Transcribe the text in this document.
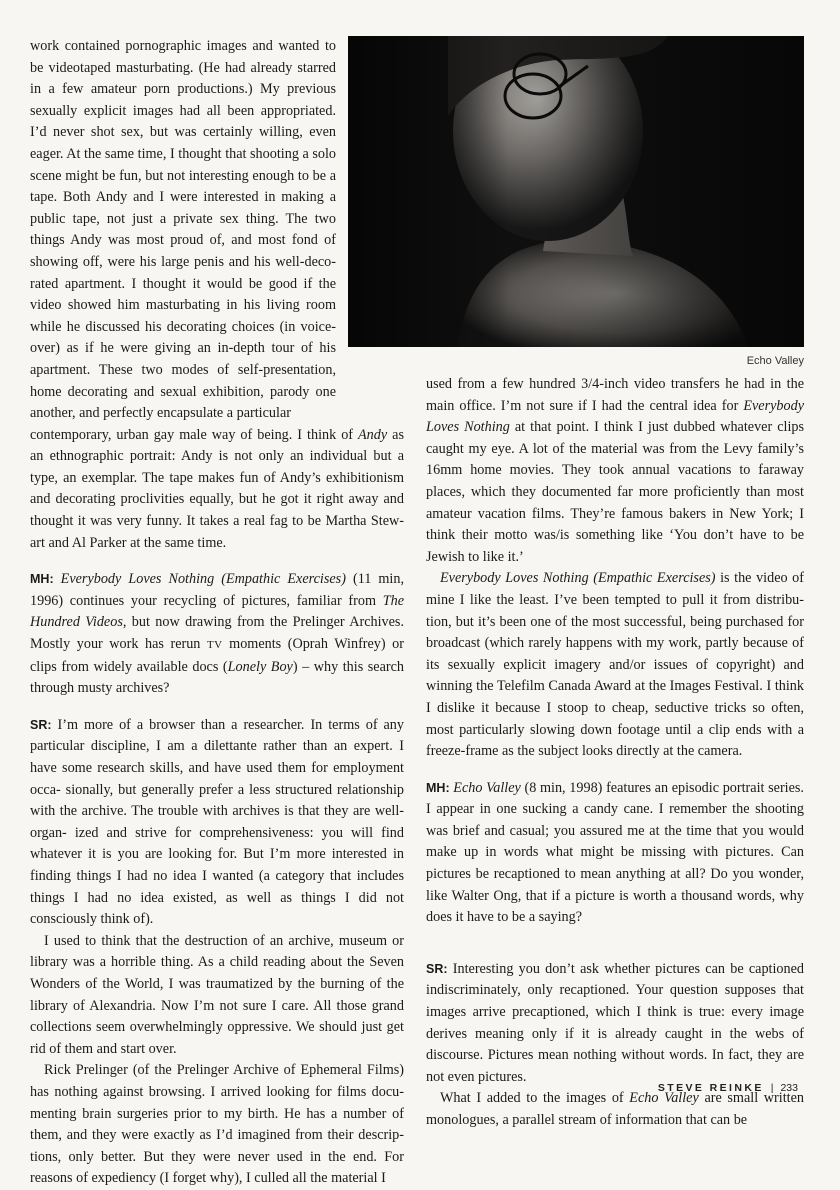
Echo Valley

work contained pornographic images and wanted to be videotaped masturbating. (He had already starred in a few amateur porn productions.) My previous sexually explicit images had all been appropriated. I’d never shot sex, but was certainly willing, even eager. At the same time, I thought that shooting a solo scene might be fun, but not interesting enough to be a tape. Both Andy and I were interested in making a public tape, not just a private sex thing. The two things Andy was most proud of, and most fond of showing off, were his large penis and his well-deco- rated apartment. I thought it would be good if the video showed him masturbating in his living room while he discussed his decorating choices (in voice- over) as if he were giving an in-depth tour of his apartment. These two modes of self-presentation, home decorating and sexual exhibition, parody one another, and perfectly encapsulate a particular

contemporary, urban gay male way of being. I think of Andy as an ethnographic portrait: Andy is not only an individual but a type, an exemplar. The tape makes fun of Andy’s exhibitionism and decorating proclivities equally, but he got it right away and thought it was very funny. It takes a real fag to be Martha Stew- art and Al Parker at the same time.

MH: Everybody Loves Nothing (Empathic Exercises) (11 min, 1996) continues your recycling of pictures, familiar from The Hundred Videos, but now drawing from the Prelinger Archives. Mostly your work has rerun TV moments (Oprah Winfrey) or clips from widely available docs (Lonely Boy) – why this search through musty archives?

SR: I’m more of a browser than a researcher. In terms of any particular discipline, I am a dilettante rather than an expert. I have some research skills, and have used them for employment occa- sionally, but generally prefer a less structured relationship with the archive. The trouble with archives is that they are well-organ- ized and strive for comprehensiveness: you will find whatever it is you are looking for. But I’m more interested in finding things I had no idea I wanted (a category that includes things I had no idea existed, as well as things I did not consciously think of).

I used to think that the destruction of an archive, museum or library was a horrible thing. As a child reading about the Seven Wonders of the World, I was traumatized by the burning of the library of Alexandria. Now I’m not sure I care. All those grand collections seem overwhelmingly oppressive. We should just get rid of them and start over.

Rick Prelinger (of the Prelinger Archive of Ephemeral Films) has nothing against browsing. I arrived looking for films docu- menting brain surgeries prior to my birth. He has a number of them, and they were exactly as I’d imagined from their descrip- tions, only better. But they were never used in the end. For reasons of expediency (I forget why), I culled all the material I

used from a few hundred 3/4-inch video transfers he had in the main office. I’m not sure if I had the central idea for Everybody Loves Nothing at that point. I think I just dubbed whatever clips caught my eye. A lot of the material was from the Levy family’s 16mm home movies. They took annual vacations to faraway places, which they documented far more proficiently than most amateur vacation films. They’re famous bakers in New York; I think their motto was/is something like ‘You don’t have to be Jewish to like it.’

Everybody Loves Nothing (Empathic Exercises) is the video of mine I like the least. I’ve been tempted to pull it from distribu- tion, but it’s been one of the most successful, being purchased for broadcast (which rarely happens with my work, partly because of its sexually explicit imagery and/or issues of copyright) and winning the Telefilm Canada Award at the Images Festival. I think I dislike it because I stoop to cheap, seductive tricks so often, most particularly slowing down footage until a clip ends with a freeze-frame as the subject looks directly at the camera.

MH: Echo Valley (8 min, 1998) features an episodic portrait series. I appear in one sucking a candy cane. I remember the shooting was brief and casual; you assured me at the time that you would make up in words what might be missing with pictures. Can pictures be recaptioned to mean anything at all? Do you wonder, like Walter Ong, that if a picture is worth a thousand words, why does it have to be a saying?

SR: Interesting you don’t ask whether pictures can be captioned indiscriminately, only recaptioned. Your question supposes that images arrive precaptioned, which I think is true: every image derives meaning only if it is already caught in the webs of discourse. Pictures mean nothing without words. In fact, they are not even pictures.

What I added to the images of Echo Valley are small written monologues, a parallel stream of information that can be

STEVE REINKE | 233
